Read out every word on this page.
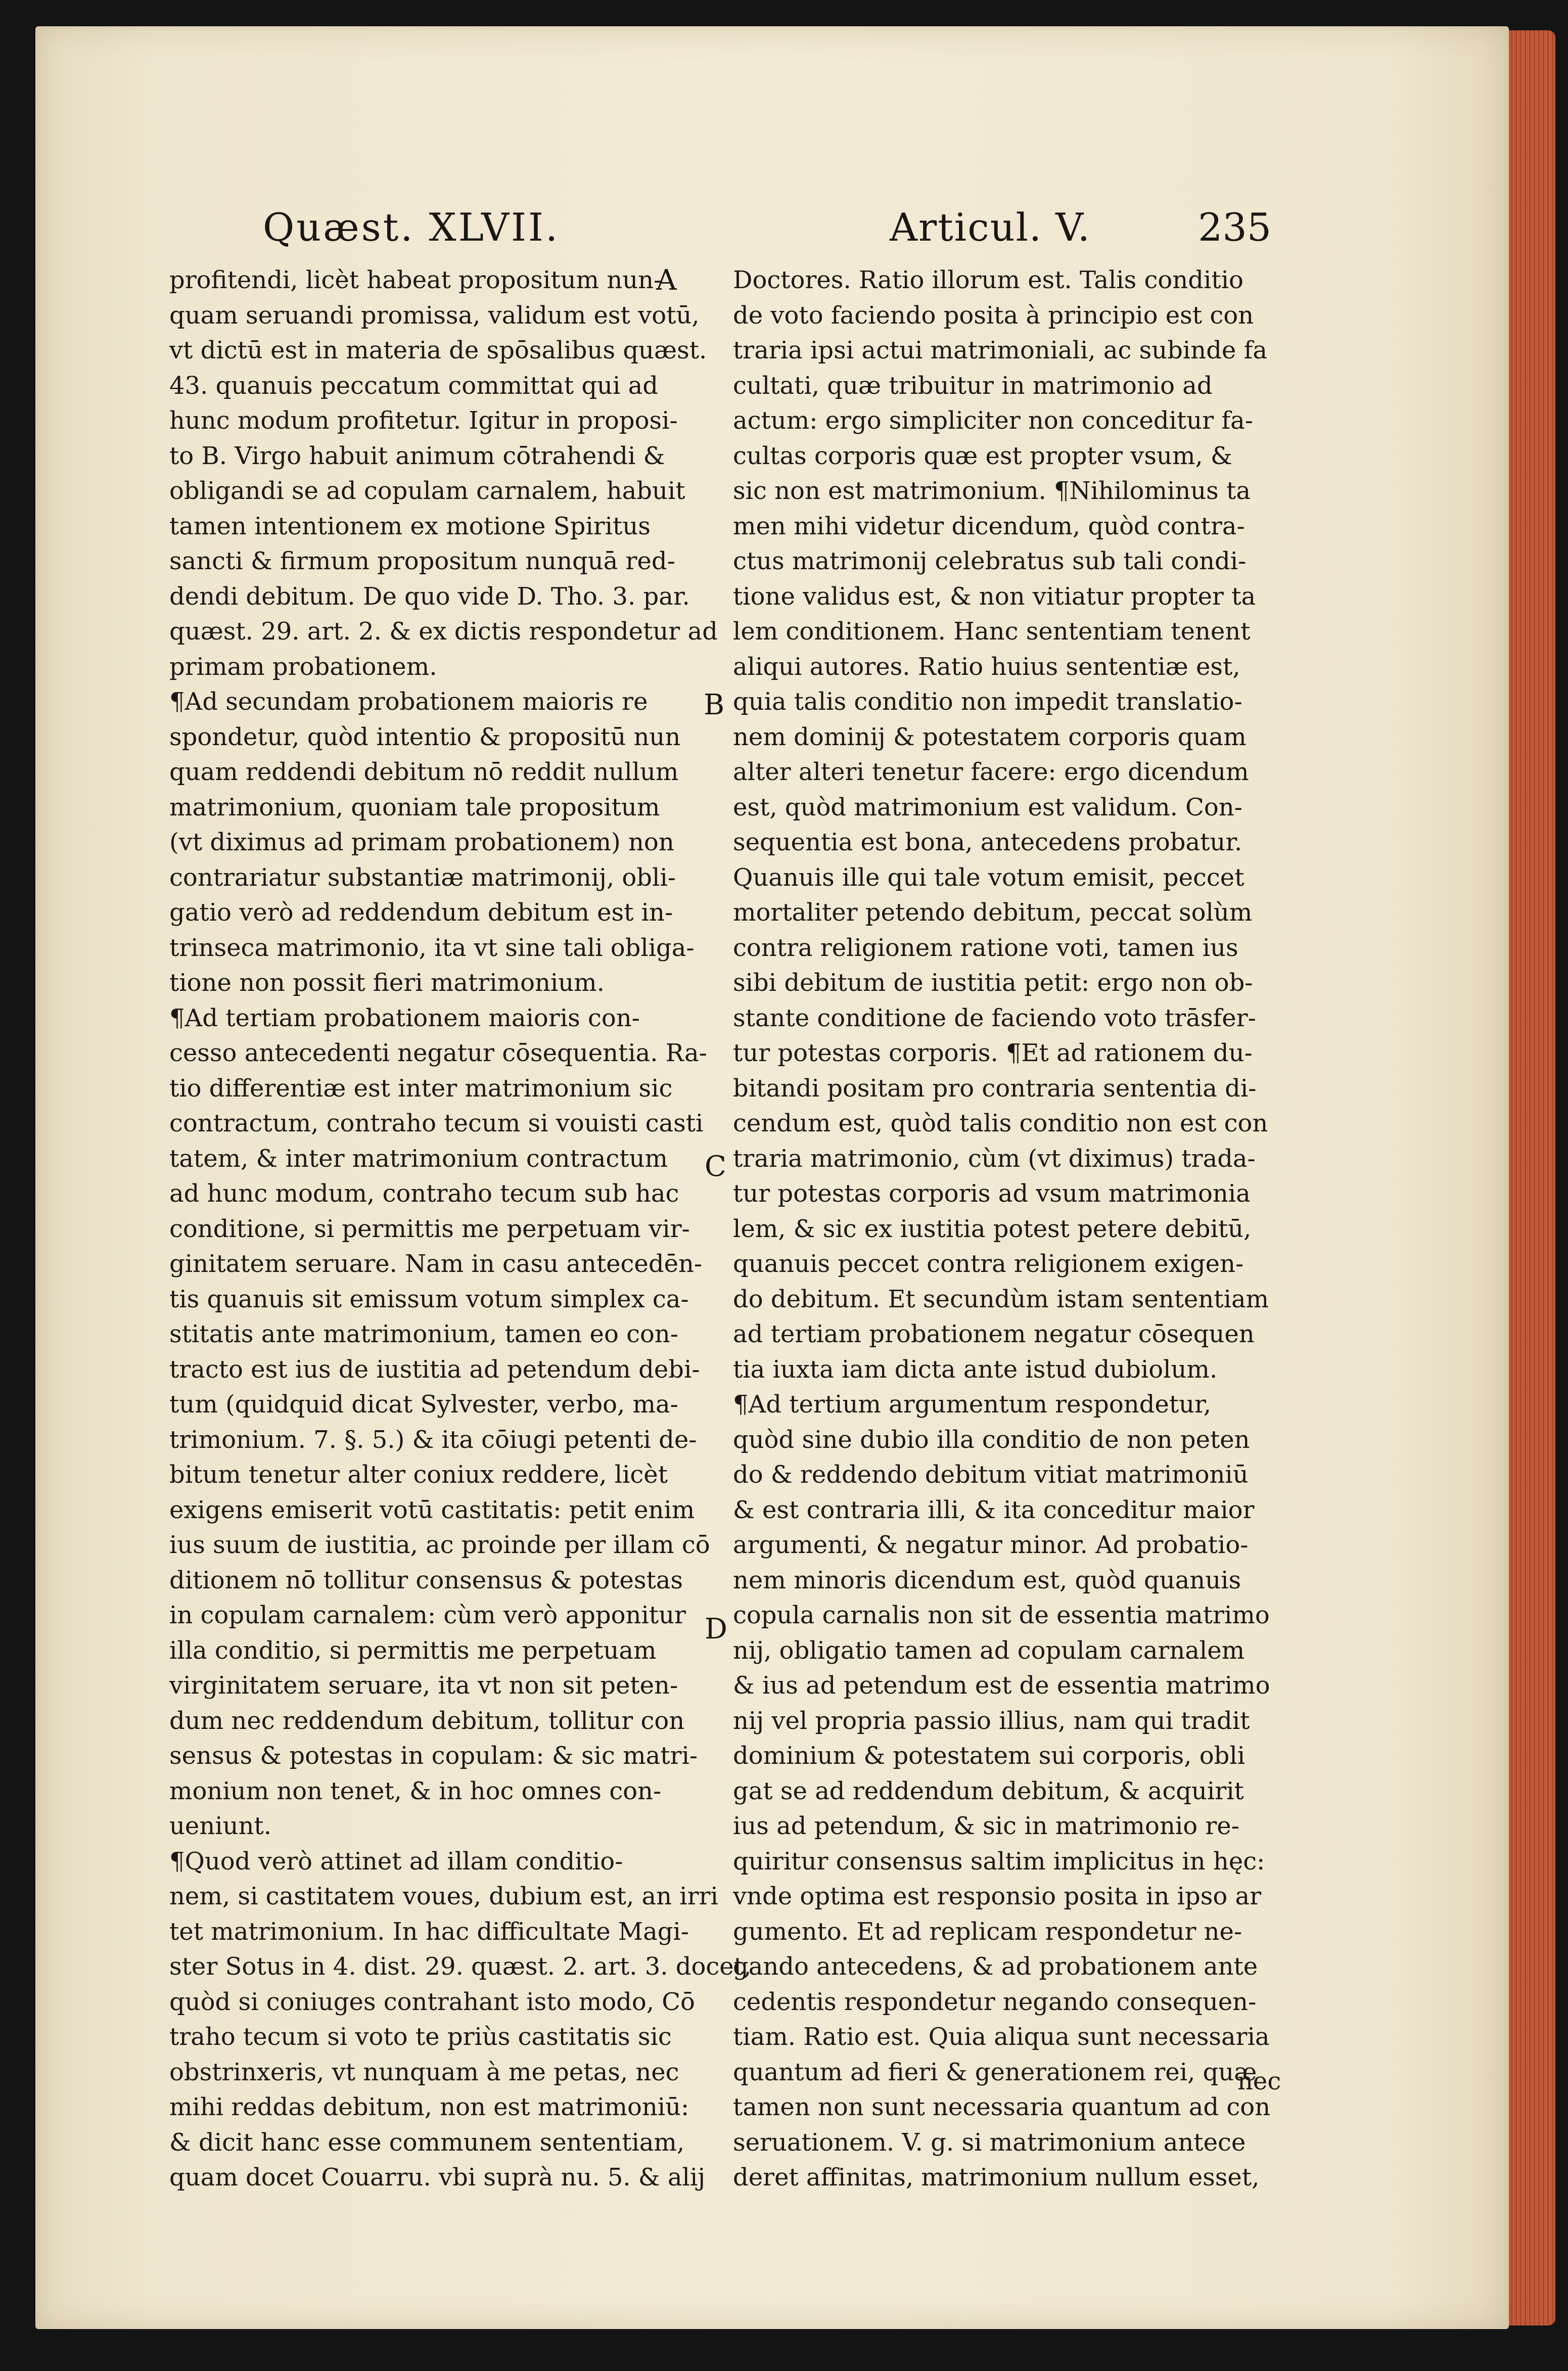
Quæst. XLVII.	Articul. V.	235
profitendi, licèt habeat propositum nun-
quam seruandi promissa, validum est votū,
vt dictū est in materia de spōsalibus quæst.
43. quanuis peccatum committat qui ad
hunc modum profitetur. Igitur in proposi-
to B. Virgo habuit animum cōtrahendi &
obligandi se ad copulam carnalem, habuit
tamen intentionem ex motione Spiritus
sancti & firmum propositum nunquā red-
dendi debitum. De quo vide D. Tho. 3. par.
quæst. 29. art. 2. & ex dictis respondetur ad
primam probationem.
¶Ad secundam probationem maioris re
spondetur, quòd intentio & propositū nun
quam reddendi debitum nō reddit nullum
matrimonium, quoniam tale propositum
(vt diximus ad primam probationem) non
contrariatur substantiæ matrimonij, obli-
gatio verò ad reddendum debitum est in-
trinseca matrimonio, ita vt sine tali obliga-
tione non possit fieri matrimonium.
¶Ad tertiam probationem maioris con-
cesso antecedenti negatur cōsequentia. Ra-
tio differentiæ est inter matrimonium sic
contractum, contraho tecum si vouisti casti
tatem, & inter matrimonium contractum
ad hunc modum, contraho tecum sub hac
conditione, si permittis me perpetuam vir-
ginitatem seruare. Nam in casu antecedēn-
tis quanuis sit emissum votum simplex ca-
stitatis ante matrimonium, tamen eo con-
tracto est ius de iustitia ad petendum debi-
tum (quidquid dicat Sylvester, verbo, ma-
trimonium. 7. §. 5.) & ita cōiugi petenti de-
bitum tenetur alter coniux reddere, licèt
exigens emiserit votū castitatis: petit enim
ius suum de iustitia, ac proinde per illam cō
ditionem nō tollitur consensus & potestas
in copulam carnalem: cùm verò apponitur
illa conditio, si permittis me perpetuam
virginitatem seruare, ita vt non sit peten-
dum nec reddendum debitum, tollitur con
sensus & potestas in copulam: & sic matri-
monium non tenet, & in hoc omnes con-
ueniunt.
¶Quod verò attinet ad illam conditio-
nem, si castitatem voues, dubium est, an irri
tet matrimonium. In hac difficultate Magi-
ster Sotus in 4. dist. 29. quæst. 2. art. 3. docet,
quòd si coniuges contrahant isto modo, Cō
traho tecum si voto te priùs castitatis sic
obstrinxeris, vt nunquam à me petas, nec
mihi reddas debitum, non est matrimoniū:
& dicit hanc esse communem sententiam,
quam docet Couarru. vbi suprà nu. 5. & alij
Doctores. Ratio illorum est. Talis conditio
de voto faciendo posita à principio est con
traria ipsi actui matrimoniali, ac subinde fa
cultati, quæ tribuitur in matrimonio ad
actum: ergo simpliciter non conceditur fa-
cultas corporis quæ est propter vsum, &
sic non est matrimonium. ¶Nihilominus ta
men mihi videtur dicendum, quòd contra-
ctus matrimonij celebratus sub tali condi-
tione validus est, & non vitiatur propter ta
lem conditionem. Hanc sententiam tenent
aliqui autores. Ratio huius sententiæ est,
quia talis conditio non impedit translatio-
nem dominij & potestatem corporis quam
alter alteri tenetur facere: ergo dicendum
est, quòd matrimonium est validum. Con-
sequentia est bona, antecedens probatur.
Quanuis ille qui tale votum emisit, peccet
mortaliter petendo debitum, peccat solùm
contra religionem ratione voti, tamen ius
sibi debitum de iustitia petit: ergo non ob-
stante conditione de faciendo voto trāsfer-
tur potestas corporis. ¶Et ad rationem du-
bitandi positam pro contraria sententia di-
cendum est, quòd talis conditio non est con
traria matrimonio, cùm (vt diximus) trada-
tur potestas corporis ad vsum matrimonia
lem, & sic ex iustitia potest petere debitū,
quanuis peccet contra religionem exigen-
do debitum. Et secundùm istam sententiam
ad tertiam probationem negatur cōsequen
tia iuxta iam dicta ante istud dubiolum.
¶Ad tertium argumentum respondetur,
quòd sine dubio illa conditio de non peten
do & reddendo debitum vitiat matrimoniū
& est contraria illi, & ita conceditur maior
argumenti, & negatur minor. Ad probatio-
nem minoris dicendum est, quòd quanuis
copula carnalis non sit de essentia matrimo
nij, obligatio tamen ad copulam carnalem
& ius ad petendum est de essentia matrimo
nij vel propria passio illius, nam qui tradit
dominium & potestatem sui corporis, obli
gat se ad reddendum debitum, & acquirit
ius ad petendum, & sic in matrimonio re-
quiritur consensus saltim implicitus in hęc:
vnde optima est responsio posita in ipso ar
gumento. Et ad replicam respondetur ne-
gando antecedens, & ad probationem ante
cedentis respondetur negando consequen-
tiam. Ratio est. Quia aliqua sunt necessaria
quantum ad fieri & generationem rei, quæ
tamen non sunt necessaria quantum ad con
seruationem. V. g. si matrimonium antece
deret affinitas, matrimonium nullum esset,
A
B
C
D
nec
